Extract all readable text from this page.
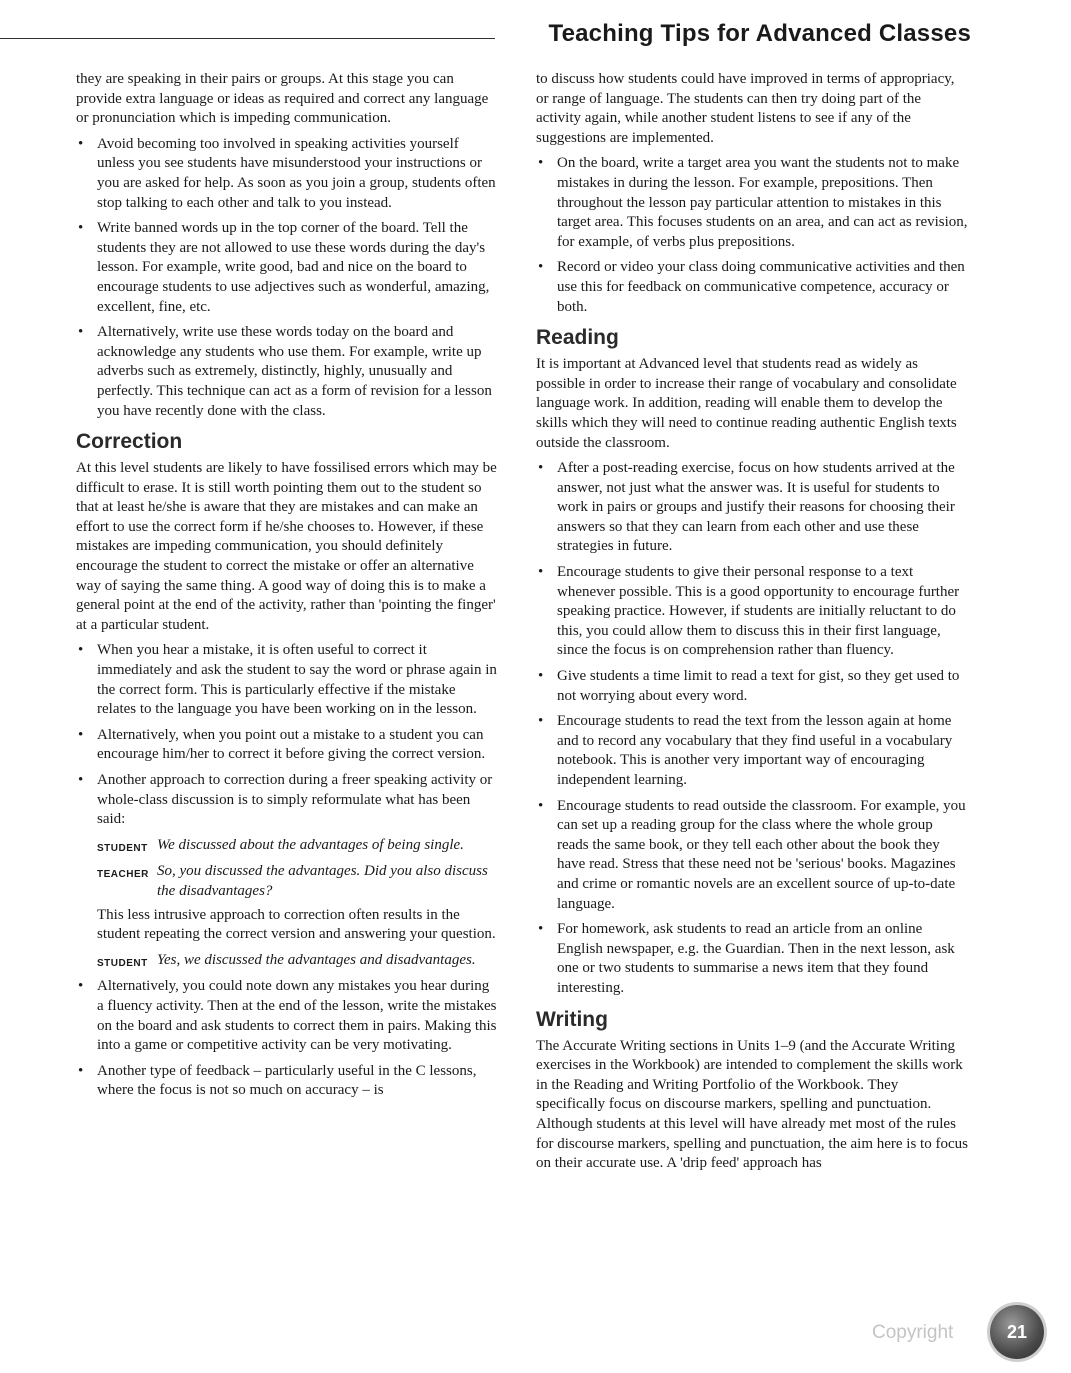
Teaching Tips for Advanced Classes

they are speaking in their pairs or groups. At this stage you can provide extra language or ideas as required and correct any language or pronunciation which is impeding communication.

• Avoid becoming too involved in speaking activities yourself unless you see students have misunderstood your instructions or you are asked for help. As soon as you join a group, students often stop talking to each other and talk to you instead.
• Write banned words up in the top corner of the board. Tell the students they are not allowed to use these words during the day's lesson. For example, write good, bad and nice on the board to encourage students to use adjectives such as wonderful, amazing, excellent, fine, etc.
• Alternatively, write use these words today on the board and acknowledge any students who use them. For example, write up adverbs such as extremely, distinctly, highly, unusually and perfectly. This technique can act as a form of revision for a lesson you have recently done with the class.
Correction

At this level students are likely to have fossilised errors which may be difficult to erase. It is still worth pointing them out to the student so that at least he/she is aware that they are mistakes and can make an effort to use the correct form if he/she chooses to. However, if these mistakes are impeding communication, you should definitely encourage the student to correct the mistake or offer an alternative way of saying the same thing. A good way of doing this is to make a general point at the end of the activity, rather than 'pointing the finger' at a particular student.

• When you hear a mistake, it is often useful to correct it immediately and ask the student to say the word or phrase again in the correct form. This is particularly effective if the mistake relates to the language you have been working on in the lesson.
• Alternatively, when you point out a mistake to a student you can encourage him/her to correct it before giving the correct version.
• Another approach to correction during a freer speaking activity or whole-class discussion is to simply reformulate what has been said:
STUDENT We discussed about the advantages of being single.
TEACHER So, you discussed the advantages. Did you also discuss the disadvantages?

This less intrusive approach to correction often results in the student repeating the correct version and answering your question.

STUDENT Yes, we discussed the advantages and disadvantages.
• Alternatively, you could note down any mistakes you hear during a fluency activity. Then at the end of the lesson, write the mistakes on the board and ask students to correct them in pairs. Making this into a game or competitive activity can be very motivating.
• Another type of feedback – particularly useful in the C lessons, where the focus is not so much on accuracy – is

to discuss how students could have improved in terms of appropriacy, or range of language. The students can then try doing part of the activity again, while another student listens to see if any of the suggestions are implemented.

• On the board, write a target area you want the students not to make mistakes in during the lesson. For example, prepositions. Then throughout the lesson pay particular attention to mistakes in this target area. This focuses students on an area, and can act as revision, for example, of verbs plus prepositions.
• Record or video your class doing communicative activities and then use this for feedback on communicative competence, accuracy or both.
Reading

It is important at Advanced level that students read as widely as possible in order to increase their range of vocabulary and consolidate language work. In addition, reading will enable them to develop the skills which they will need to continue reading authentic English texts outside the classroom.

• After a post-reading exercise, focus on how students arrived at the answer, not just what the answer was. It is useful for students to work in pairs or groups and justify their reasons for choosing their answers so that they can learn from each other and use these strategies in future.
• Encourage students to give their personal response to a text whenever possible. This is a good opportunity to encourage further speaking practice. However, if students are initially reluctant to do this, you could allow them to discuss this in their first language, since the focus is on comprehension rather than fluency.
• Give students a time limit to read a text for gist, so they get used to not worrying about every word.
• Encourage students to read the text from the lesson again at home and to record any vocabulary that they find useful in a vocabulary notebook. This is another very important way of encouraging independent learning.
• Encourage students to read outside the classroom. For example, you can set up a reading group for the class where the whole group reads the same book, or they tell each other about the book they have read. Stress that these need not be 'serious' books. Magazines and crime or romantic novels are an excellent source of up-to-date language.
• For homework, ask students to read an article from an online English newspaper, e.g. the Guardian. Then in the next lesson, ask one or two students to summarise a news item that they found interesting.
Writing

The Accurate Writing sections in Units 1–9 (and the Accurate Writing exercises in the Workbook) are intended to complement the skills work in the Reading and Writing Portfolio of the Workbook. They specifically focus on discourse markers, spelling and punctuation. Although students at this level will have already met most of the rules for discourse markers, spelling and punctuation, the aim here is to focus on their accurate use. A 'drip feed' approach has

Copyright	21
